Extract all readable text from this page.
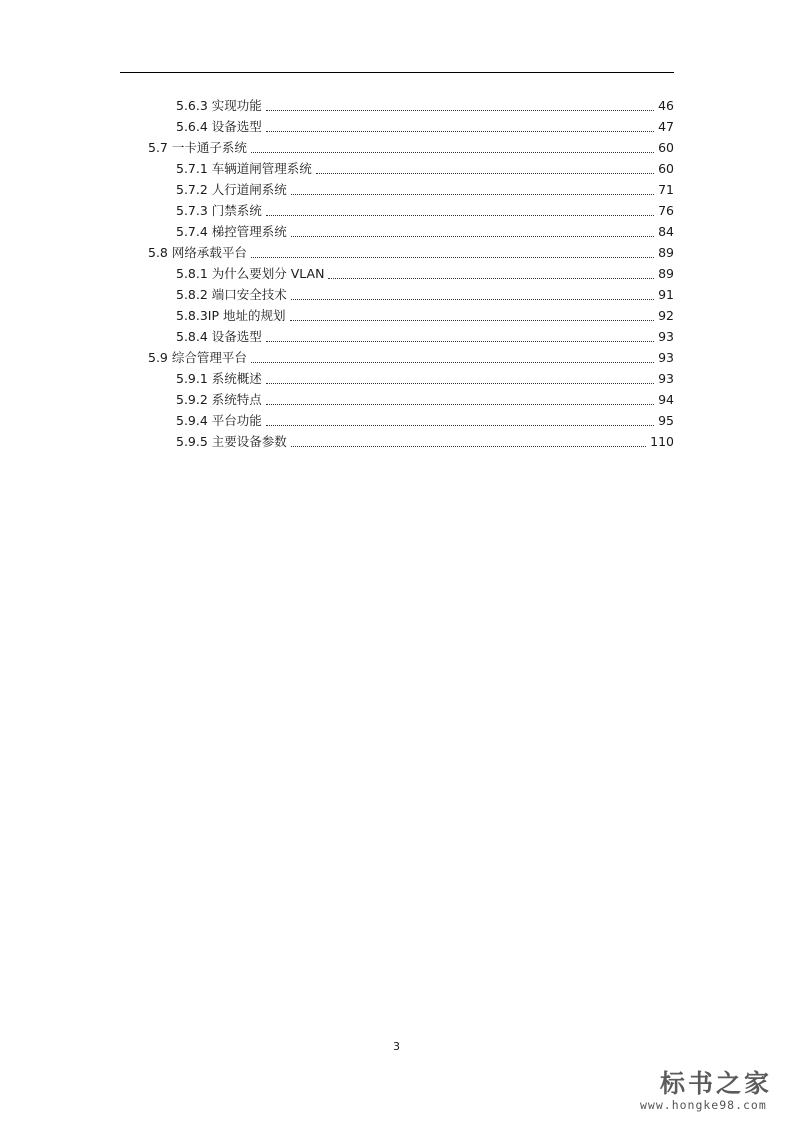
5.6.3 实现功能	46
5.6.4 设备选型	47
5.7 一卡通子系统	60
5.7.1 车辆道闸管理系统	60
5.7.2 人行道闸系统	71
5.7.3 门禁系统	76
5.7.4 梯控管理系统	84
5.8 网络承载平台	89
5.8.1 为什么要划分 VLAN	89
5.8.2 端口安全技术	91
5.8.3IP 地址的规划	92
5.8.4 设备选型	93
5.9 综合管理平台	93
5.9.1 系统概述	93
5.9.2 系统特点	94
5.9.4 平台功能	95
5.9.5 主要设备参数	110
3
标书之家
www.hongke98.com
